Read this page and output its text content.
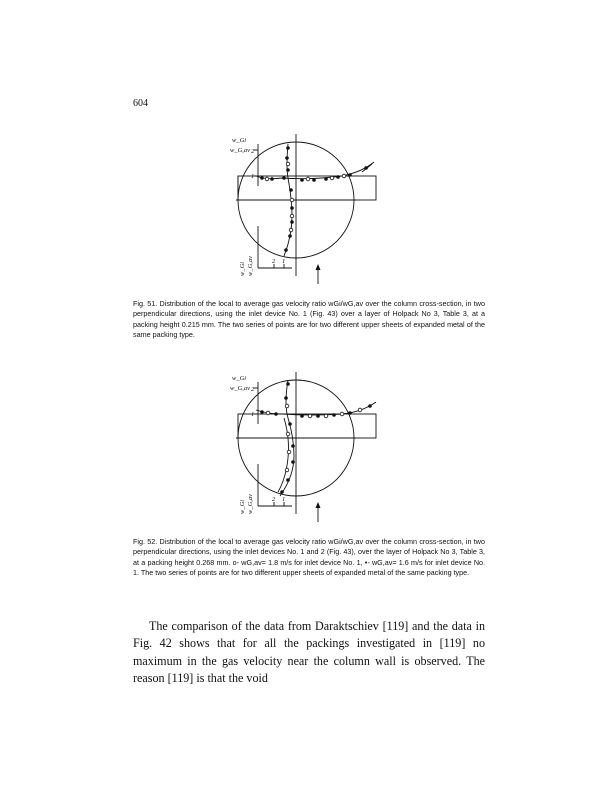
604
w_Gi
w_G,av 2
1
w_Gi w_G,av	2 1
Fig. 51. Distribution of the local to average gas velocity ratio wGi/wG,av over the column cross-section, in two perpendicular directions, using the inlet device No. 1 (Fig. 43) over a layer of Holpack No 3, Table 3, at a packing height 0.215 mm. The two series of points are for two different upper sheets of expanded metal of the same packing type.
w_Gi
w_G,av 2
1
w_Gi w_G,av	2 1
Fig. 52. Distribution of the local to average gas velocity ratio wGi/wG,av over the column cross-section, in two perpendicular directions, using the inlet devices No. 1 and 2 (Fig. 43), over the layer of Holpack No 3, Table 3, at a packing height 0.268 mm. o- wG,av= 1.8 m/s for inlet device No. 1, •- wG,av= 1.6 m/s for inlet device No. 1. The two series of points are for two different upper sheets of expanded metal of the same packing type.
The comparison of the data from Daraktschiev [119] and the data in Fig. 42 shows that for all the packings investigated in [119] no maximum in the gas velocity near the column wall is observed. The reason [119] is that the void
